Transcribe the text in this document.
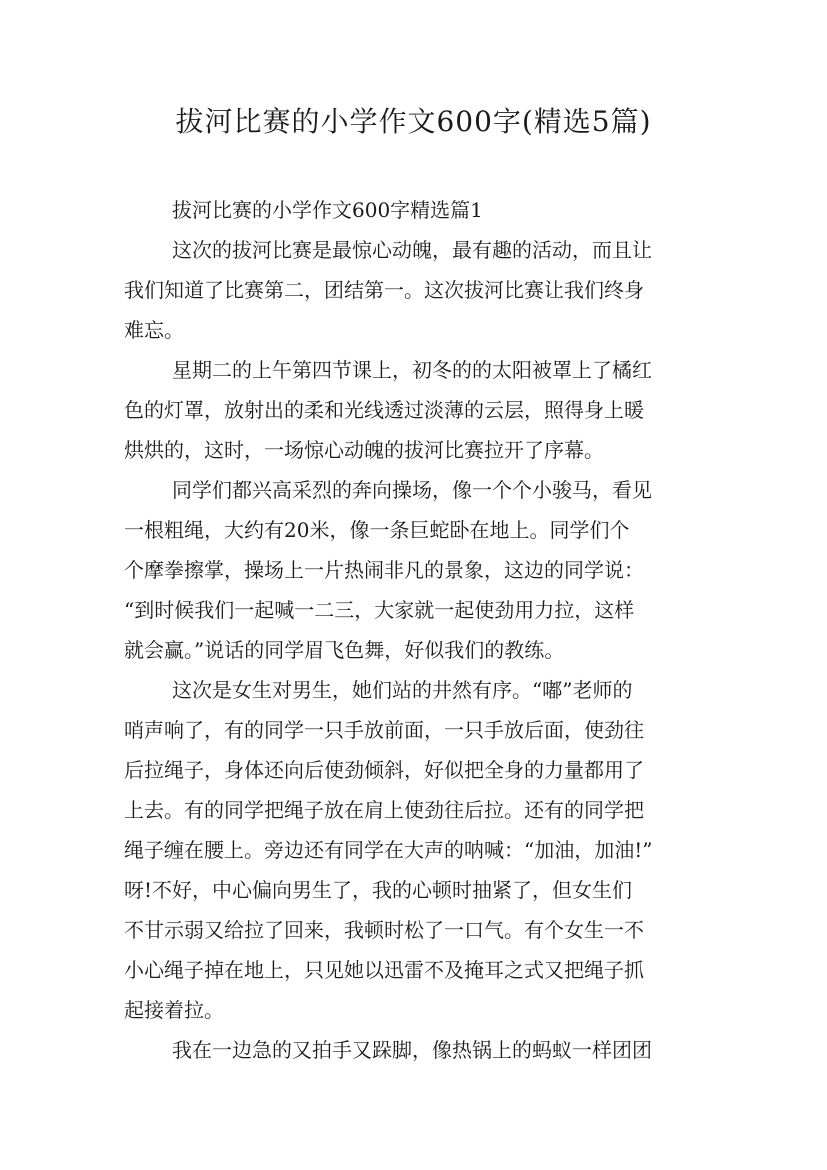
拔河比赛的小学作文600字(精选5篇)
拔河比赛的小学作文600字精选篇1

这次的拔河比赛是最惊心动魄，最有趣的活动，而且让
我们知道了比赛第二，团结第一。这次拔河比赛让我们终身
难忘。

星期二的上午第四节课上，初冬的的太阳被罩上了橘红
色的灯罩，放射出的柔和光线透过淡薄的云层，照得身上暖
烘烘的，这时，一场惊心动魄的拔河比赛拉开了序幕。

同学们都兴高采烈的奔向操场，像一个个小骏马，看见
一根粗绳，大约有20米，像一条巨蛇卧在地上。同学们个
个摩拳擦掌，操场上一片热闹非凡的景象，这边的同学说：
“到时候我们一起喊一二三，大家就一起使劲用力拉，这样
就会赢。”说话的同学眉飞色舞，好似我们的教练。

这次是女生对男生，她们站的井然有序。“嘟”老师的
哨声响了，有的同学一只手放前面，一只手放后面，使劲往
后拉绳子，身体还向后使劲倾斜，好似把全身的力量都用了
上去。有的同学把绳子放在肩上使劲往后拉。还有的同学把
绳子缠在腰上。旁边还有同学在大声的呐喊：“加油，加油!”
呀!不好，中心偏向男生了，我的心顿时抽紧了，但女生们
不甘示弱又给拉了回来，我顿时松了一口气。有个女生一不
小心绳子掉在地上，只见她以迅雷不及掩耳之式又把绳子抓
起接着拉。

我在一边急的又拍手又跺脚，像热锅上的蚂蚁一样团团
